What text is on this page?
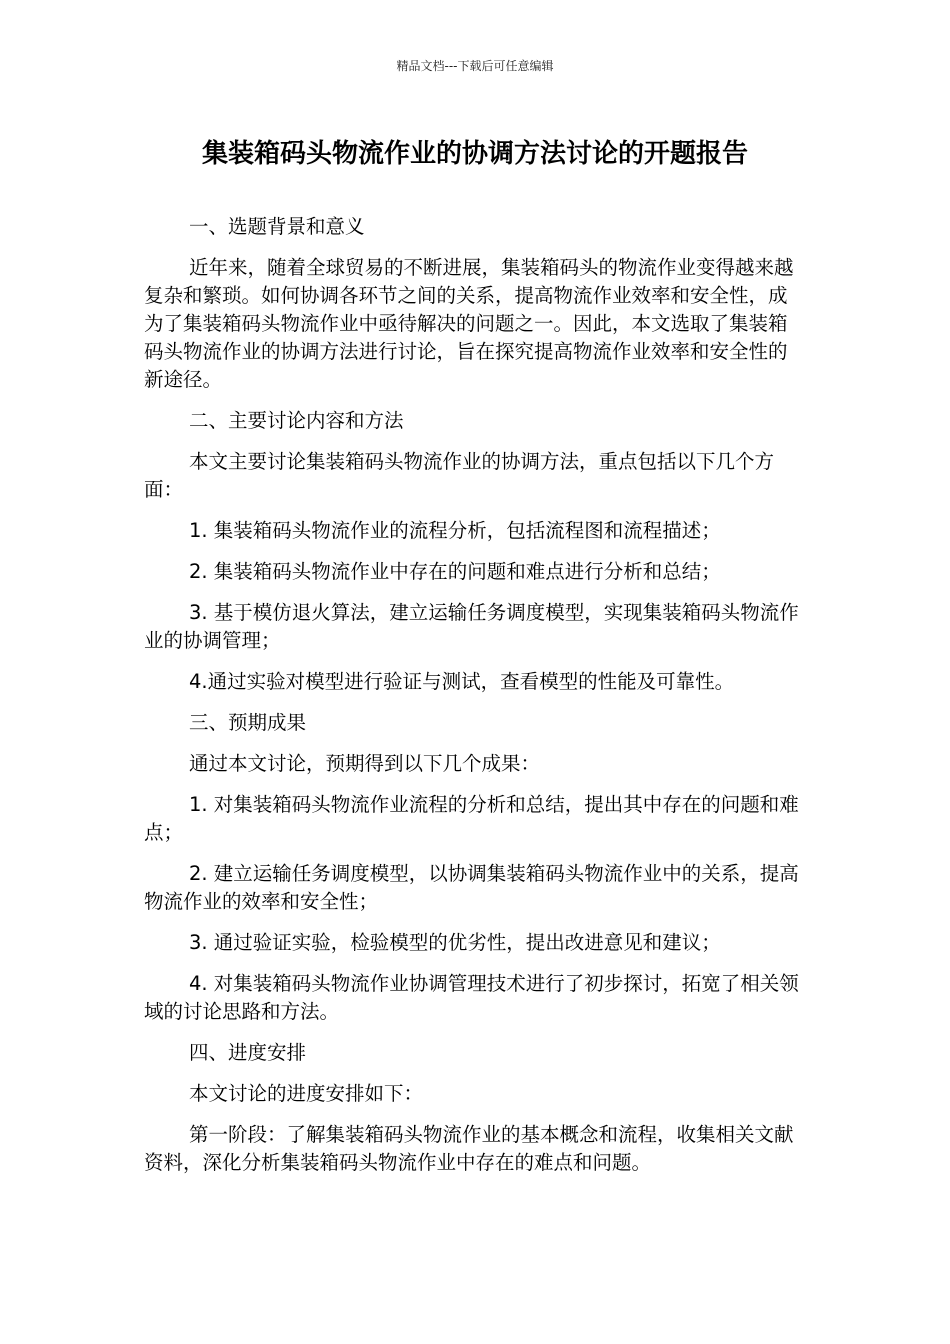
精品文档---下载后可任意编辑
集装箱码头物流作业的协调方法讨论的开题报告

一、选题背景和意义

近年来，随着全球贸易的不断进展，集装箱码头的物流作业变得越来越复杂和繁琐。如何协调各环节之间的关系，提高物流作业效率和安全性，成为了集装箱码头物流作业中亟待解决的问题之一。因此，本文选取了集装箱码头物流作业的协调方法进行讨论，旨在探究提高物流作业效率和安全性的新途径。

二、主要讨论内容和方法

本文主要讨论集装箱码头物流作业的协调方法，重点包括以下几个方面：

1. 集装箱码头物流作业的流程分析，包括流程图和流程描述；

2. 集装箱码头物流作业中存在的问题和难点进行分析和总结；

3. 基于模仿退火算法，建立运输任务调度模型，实现集装箱码头物流作业的协调管理；

4.通过实验对模型进行验证与测试，查看模型的性能及可靠性。

三、预期成果

通过本文讨论，预期得到以下几个成果：

1. 对集装箱码头物流作业流程的分析和总结，提出其中存在的问题和难点；

2. 建立运输任务调度模型，以协调集装箱码头物流作业中的关系，提高物流作业的效率和安全性；

3. 通过验证实验，检验模型的优劣性，提出改进意见和建议；

4. 对集装箱码头物流作业协调管理技术进行了初步探讨，拓宽了相关领域的讨论思路和方法。

四、进度安排

本文讨论的进度安排如下：

第一阶段：了解集装箱码头物流作业的基本概念和流程，收集相关文献资料，深化分析集装箱码头物流作业中存在的难点和问题。
